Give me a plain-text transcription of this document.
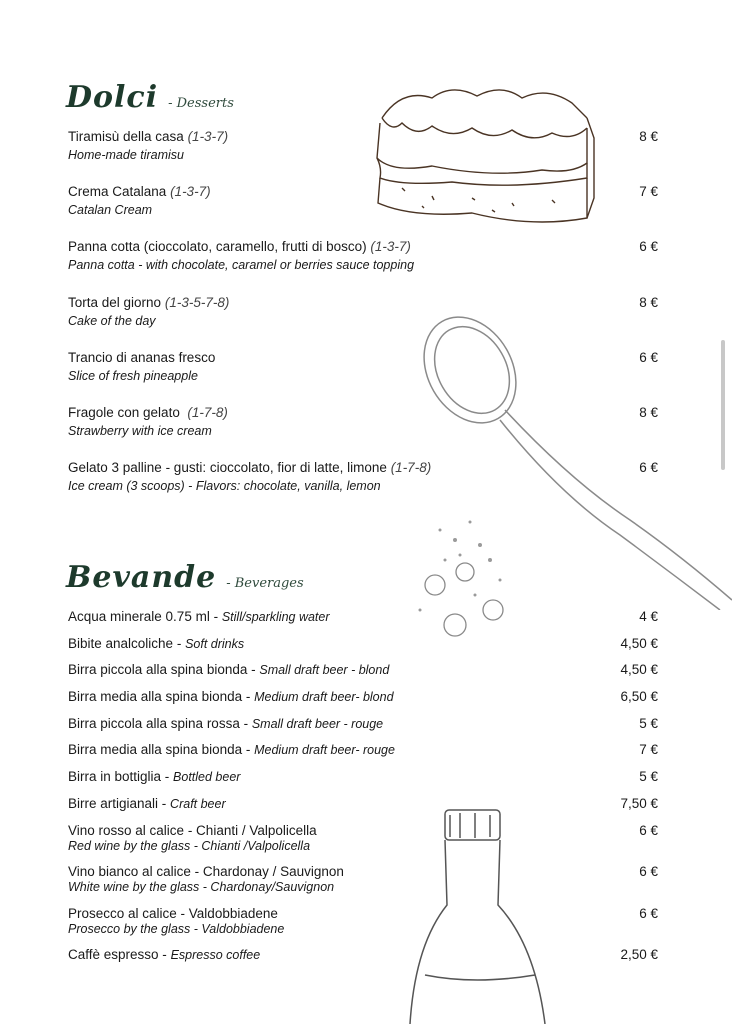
Dolci - Desserts
Tiramisù della casa (1-3-7)
Home-made tiramisu
8 €
Crema Catalana (1-3-7)
Catalan Cream
7 €
Panna cotta (cioccolato, caramello, frutti di bosco) (1-3-7)
Panna cotta - with chocolate, caramel or berries sauce topping
6 €
Torta del giorno (1-3-5-7-8)
Cake of the day
8 €
Trancio di ananas fresco
Slice of fresh pineapple
6 €
Fragole con gelato  (1-7-8)
Strawberry with ice cream
8 €
Gelato 3 palline - gusti: cioccolato, fior di latte, limone (1-7-8)
Ice cream (3 scoops) - Flavors: chocolate, vanilla, lemon
6 €
Bevande - Beverages
Acqua minerale 0.75 ml - Still/sparkling water	4 €
Bibite analcoliche - Soft drinks	4,50 €
Birra piccola alla spina bionda - Small draft beer - blond	4,50 €
Birra media alla spina bionda - Medium draft beer- blond	6,50 €
Birra piccola alla spina rossa - Small draft beer - rouge	5 €
Birra media alla spina bionda - Medium draft beer- rouge	7 €
Birra in bottiglia - Bottled beer	5 €
Birre artigianali - Craft beer	7,50 €
Vino rosso al calice - Chianti / Valpolicella
Red wine by the glass - Chianti /Valpolicella
6 €
Vino bianco al calice - Chardonay / Sauvignon
White wine by the glass - Chardonay/Sauvignon
6 €
Prosecco al calice - Valdobbiadene
Prosecco by the glass - Valdobbiadene
6 €
Caffè espresso - Espresso coffee	2,50 €
